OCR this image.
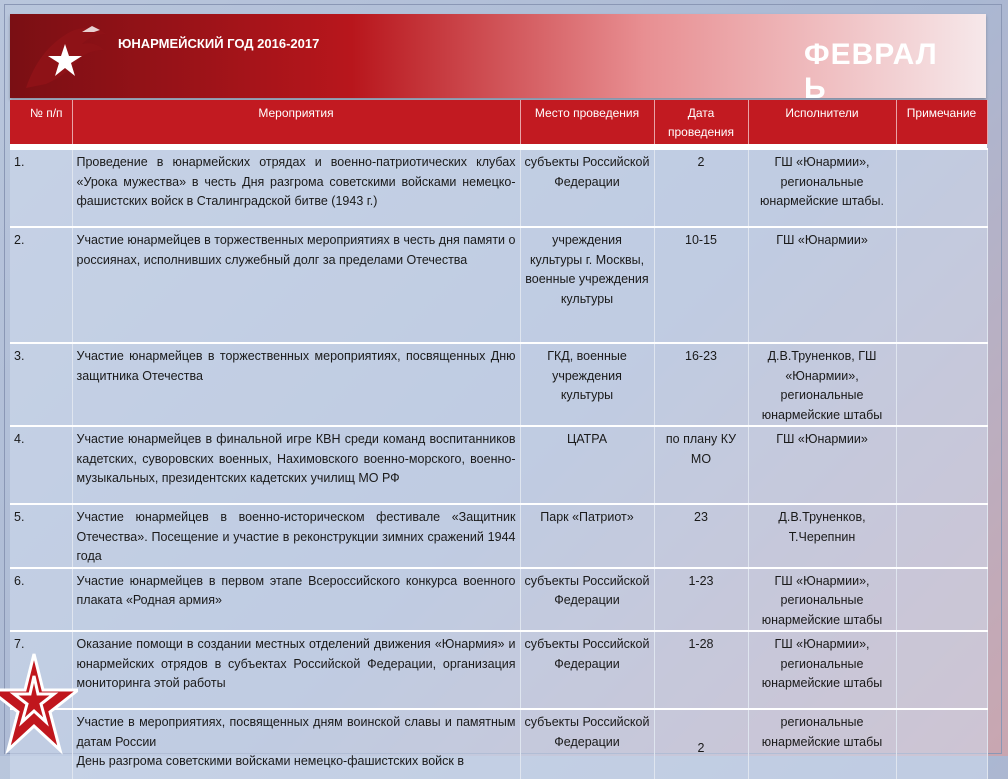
ЮНАРМЕЙСКИЙ ГОД 2016-2017	ФЕВРАЛЬ
№ п/п	Мероприятия	Место проведения	Дата проведения	Исполнители	Примечание

1.	Проведение в юнармейских отрядах и военно-патриотических клубах «Урока мужества» в честь Дня разгрома советскими войсками немецко-фашистских войск в Сталинградской битве (1943 г.)	субъекты Российской Федерации	2	ГШ «Юнармии», региональные юнармейские штабы.	
2.	Участие юнармейцев в торжественных мероприятиях в честь дня памяти о россиянах, исполнивших служебный долг за пределами Отечества	учреждения культуры г. Москвы, военные учреждения культуры	10-15	ГШ «Юнармии»	
3.	Участие юнармейцев в торжественных мероприятиях, посвященных Дню защитника Отечества	ГКД, военные учреждения культуры	16-23	Д.В.Труненков, ГШ «Юнармии», региональные юнармейские штабы	
4.	Участие юнармейцев в финальной игре КВН среди команд воспитанников кадетских, суворовских военных, Нахимовского военно-морского, военно-музыкальных, президентских кадетских училищ МО РФ	ЦАТРА	по плану КУ МО	ГШ «Юнармии»	
5.	Участие юнармейцев в военно-историческом фестивале «Защитник Отечества». Посещение и участие в реконструкции зимних сражений 1944 года	Парк «Патриот»	23	Д.В.Труненков, Т.Черепнин	
6.	Участие юнармейцев в первом этапе Всероссийского конкурса военного плаката «Родная армия»	субъекты Российской Федерации	1-23	ГШ «Юнармии», региональные юнармейские штабы	
7.	Оказание помощи в создании местных отделений движения «Юнармия» и юнармейских отрядов в субъектах Российской Федерации, организация мониторинга этой работы	субъекты Российской Федерации	1-28	ГШ «Юнармии», региональные юнармейские штабы	

Участие в мероприятиях, посвященных дням воинской славы и памятным датам России
День разгрома советскими войсками немецко-фашистских войск в	субъекты Российской Федерации	2	региональные юнармейские штабы	
